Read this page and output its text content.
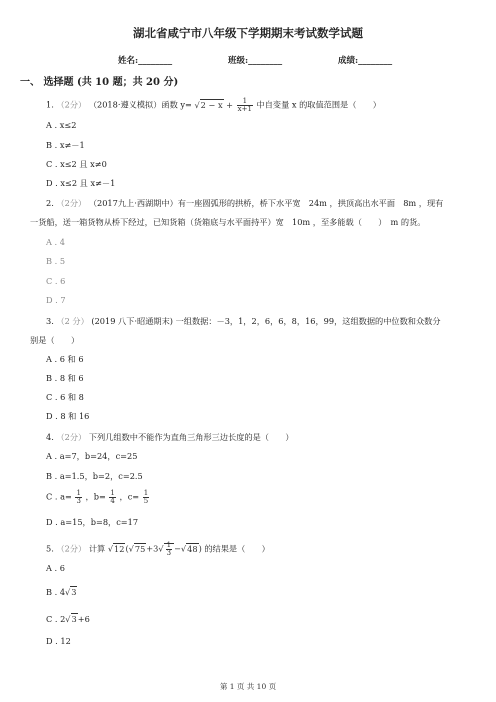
湖北省咸宁市八年级下学期期末考试数学试题
姓名:________	班级:________	成绩:________
一、 选择题 (共 10 题；共 20 分)
1. （2分） （2018·遵义模拟）函数 $y= √2 - x + \frac{1}{x+1}$ 中自变量 x 的取值范围是（　　）
A . x≤2
B . x≠－1
C . x≤2 且 x≠0
D . x≤2 且 x≠－1
2. （2分） （2017九上·西湖期中）有一座圆弧形的拱桥，桥下水平宽　24m ，拱顶高出水平面　8m ，现有
一货船，送一箱货物从桥下经过，已知货箱（货箱底与水平面持平）宽　10m ，至多能载（　　）　m 的货。
A . 4
B . 5
C . 6
D . 7
3. （2 分） (2019 八下·昭通期末) 一组数据：－3，1，2，6，6，8，16，99，这组数据的中位数和众数分
别是（　　）
A . 6 和 6
B . 8 和 6
C . 6 和 8
D . 8 和 16
4. （2分） 下列几组数中不能作为直角三角形三边长度的是（　　）
A . a=7，b=24，c=25
B . a=1.5，b=2，c=2.5
C . $a= \frac{1}{3}$ ，$b= \frac{1}{4}$ ，$c= \frac{1}{5}$
D . a=15，b=8，c=17
5. （2分） 计算 $√12(√75+3√ \frac{1}{3} -√48)$ 的结果是（　　）
A . 6
B . 4√3
C . 2√3+6
D . 12
第 1 页 共 10 页
